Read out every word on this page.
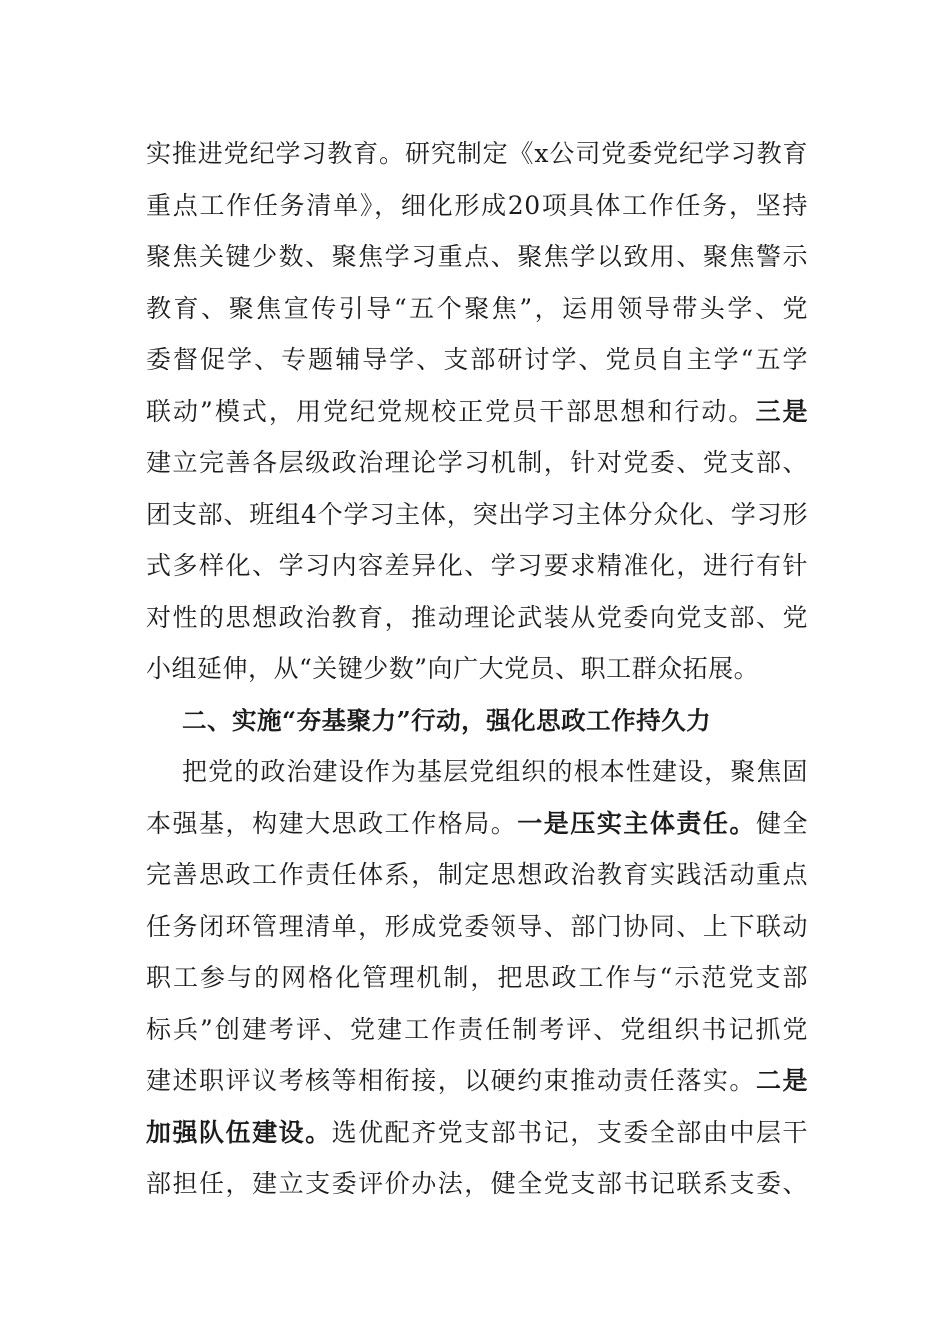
实推进党纪学习教育。研究制定《x公司党委党纪学习教育
重点工作任务清单》，细化形成20项具体工作任务，坚持
聚焦关键少数、聚焦学习重点、聚焦学以致用、聚焦警示
教育、聚焦宣传引导“五个聚焦”，运用领导带头学、党
委督促学、专题辅导学、支部研讨学、党员自主学“五学
联动”模式，用党纪党规校正党员干部思想和行动。三是
建立完善各层级政治理论学习机制，针对党委、党支部、
团支部、班组4个学习主体，突出学习主体分众化、学习形
式多样化、学习内容差异化、学习要求精准化，进行有针
对性的思想政治教育，推动理论武装从党委向党支部、党
小组延伸，从“关键少数”向广大党员、职工群众拓展。
二、实施“夯基聚力”行动，强化思政工作持久力
把党的政治建设作为基层党组织的根本性建设，聚焦固
本强基，构建大思政工作格局。一是压实主体责任。健全
完善思政工作责任体系，制定思想政治教育实践活动重点
任务闭环管理清单，形成党委领导、部门协同、上下联动
职工参与的网格化管理机制，把思政工作与“示范党支部
标兵”创建考评、党建工作责任制考评、党组织书记抓党
建述职评议考核等相衔接，以硬约束推动责任落实。二是
加强队伍建设。选优配齐党支部书记，支委全部由中层干
部担任，建立支委评价办法，健全党支部书记联系支委、
